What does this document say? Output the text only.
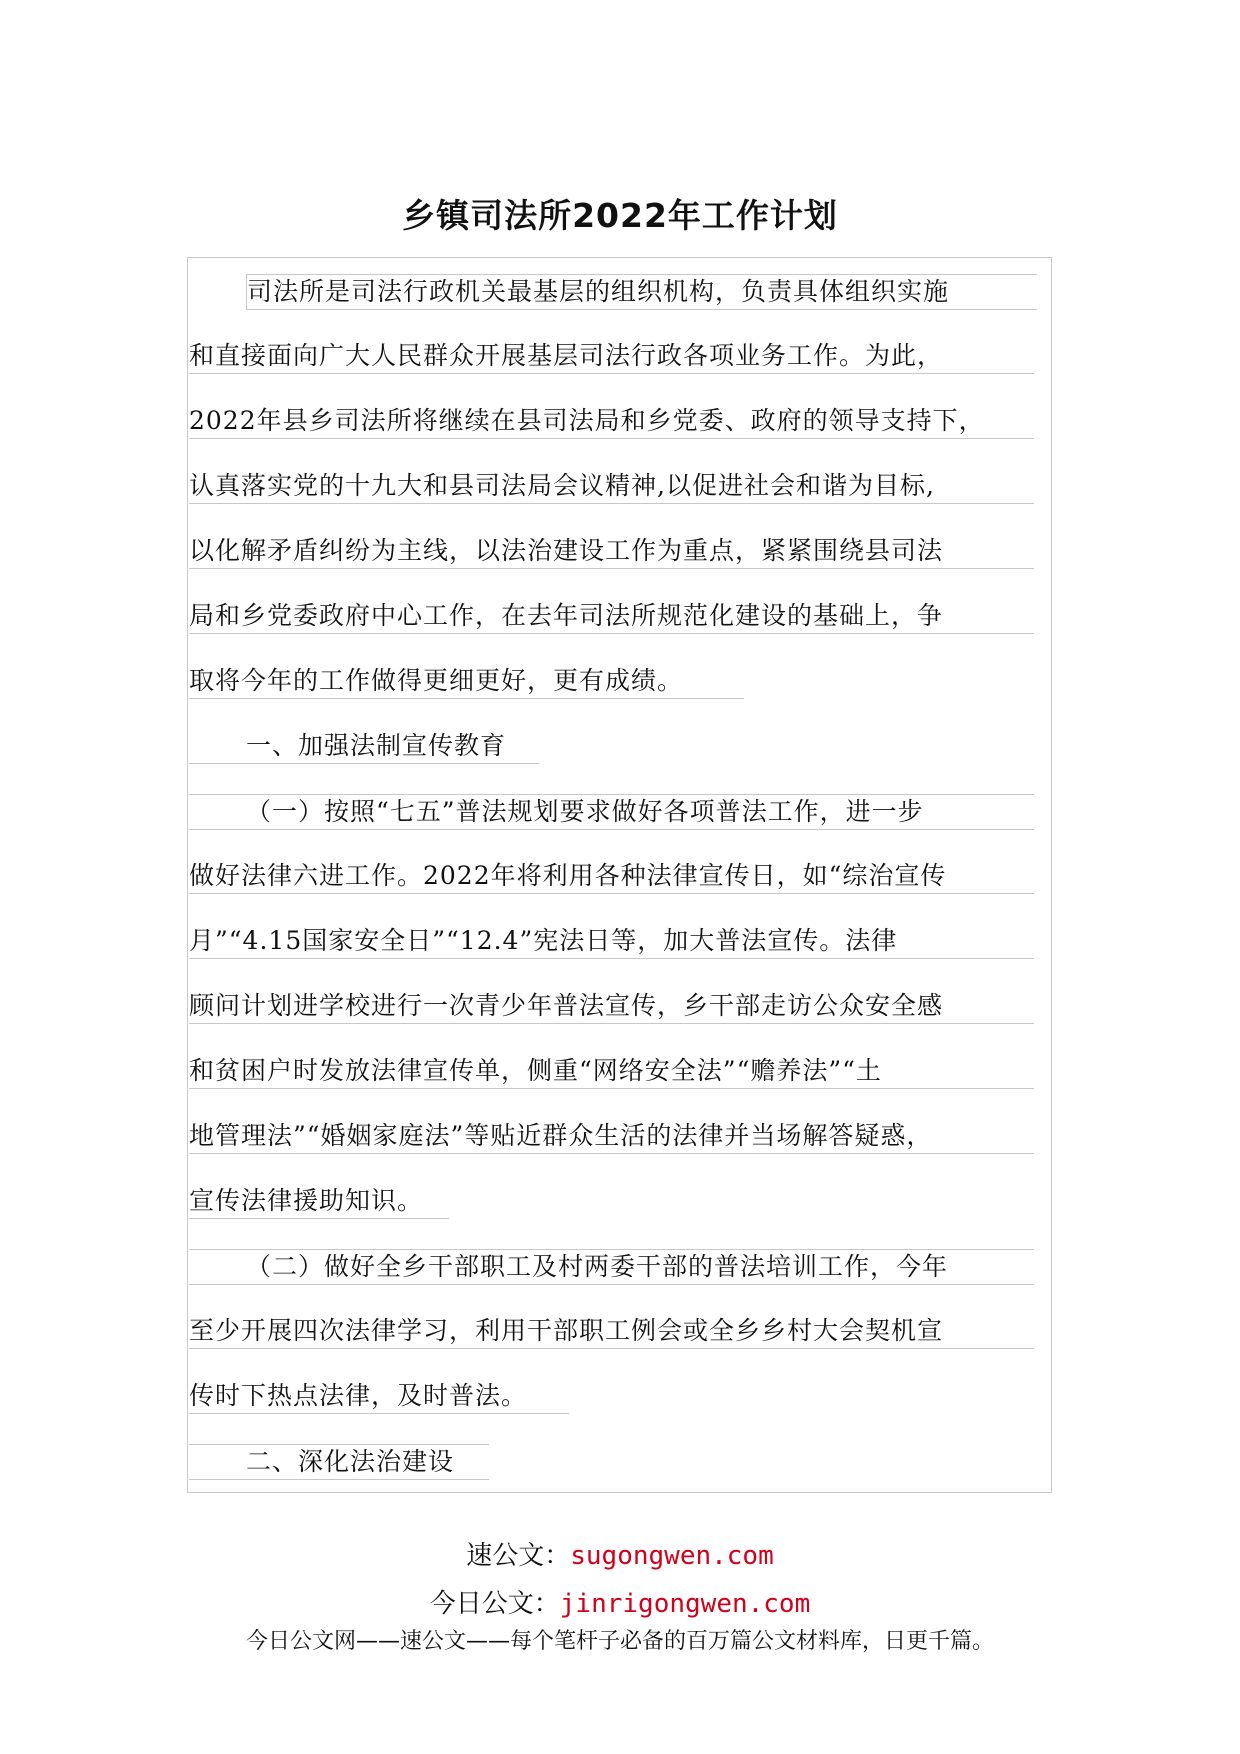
乡镇司法所2022年工作计划
司法所是司法行政机关最基层的组织机构，负责具体组织实施
和直接面向广大人民群众开展基层司法行政各项业务工作。为此，
2022年县乡司法所将继续在县司法局和乡党委、政府的领导支持下，
认真落实党的十九大和县司法局会议精神,以促进社会和谐为目标,
以化解矛盾纠纷为主线，以法治建设工作为重点，紧紧围绕县司法
局和乡党委政府中心工作，在去年司法所规范化建设的基础上，争
取将今年的工作做得更细更好，更有成绩。
一、加强法制宣传教育
（一）按照“七五”普法规划要求做好各项普法工作，进一步
做好法律六进工作。2022年将利用各种法律宣传日，如“综治宣传
月”“4.15国家安全日”“12.4”宪法日等，加大普法宣传。法律
顾问计划进学校进行一次青少年普法宣传，乡干部走访公众安全感
和贫困户时发放法律宣传单，侧重“网络安全法”“赡养法”“土
地管理法”“婚姻家庭法”等贴近群众生活的法律并当场解答疑惑，
宣传法律援助知识。
（二）做好全乡干部职工及村两委干部的普法培训工作，今年
至少开展四次法律学习，利用干部职工例会或全乡乡村大会契机宣
传时下热点法律，及时普法。
二、深化法治建设
速公文：sugongwen.com
今日公文：jinrigongwen.com
今日公文网——速公文——每个笔杆子必备的百万篇公文材料库，日更千篇。
